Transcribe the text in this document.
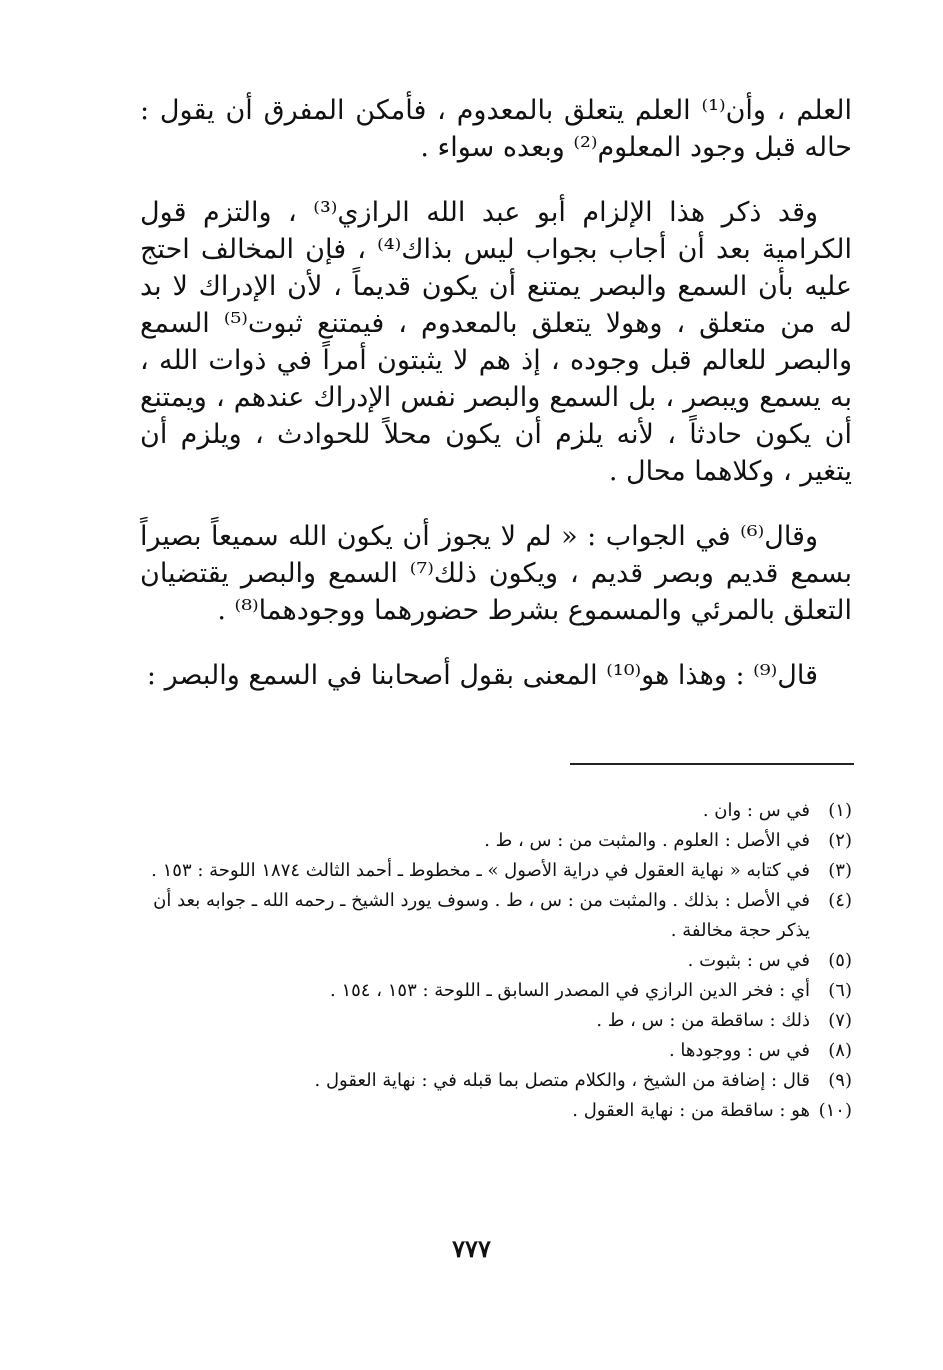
العلم ، وأن⁽¹⁾ العلم يتعلق بالمعدوم ، فأمكن المفرق أن يقول : حاله قبل وجود المعلوم⁽²⁾ وبعده سواء .

وقد ذكر هذا الإلزام أبو عبد الله الرازي⁽³⁾ ، والتزم قول الكرامية بعد أن أجاب بجواب ليس بذاك⁽⁴⁾ ، فإن المخالف احتج عليه بأن السمع والبصر يمتنع أن يكون قديماً ، لأن الإدراك لا بد له من متعلق ، وهولا يتعلق بالمعدوم ، فيمتنع ثبوت⁽⁵⁾ السمع والبصر للعالم قبل وجوده ، إذ هم لا يثبتون أمراً في ذوات الله ، به يسمع ويبصر ، بل السمع والبصر نفس الإدراك عندهم ، ويمتنع أن يكون حادثاً ، لأنه يلزم أن يكون محلاً للحوادث ، ويلزم أن يتغير ، وكلاهما محال .

وقال⁽⁶⁾ في الجواب : « لم لا يجوز أن يكون الله سميعاً بصيراً بسمع قديم وبصر قديم ، ويكون ذلك⁽⁷⁾ السمع والبصر يقتضيان التعلق بالمرئي والمسموع بشرط حضورهما ووجودهما⁽⁸⁾ .

قال⁽⁹⁾ : وهذا هو⁽¹⁰⁾ المعنى بقول أصحابنا في السمع والبصر :

(١)
في س : وان .
(٢)
في الأصل : العلوم . والمثبت من : س ، ط .
(٣)
في كتابه « نهاية العقول في دراية الأصول » ـ مخطوط ـ أحمد الثالث ١٨٧٤ اللوحة : ١٥٣ .
(٤)
في الأصل : بذلك . والمثبت من : س ، ط . وسوف يورد الشيخ ـ رحمه الله ـ جوابه بعد أن يذكر حجة مخالفة .
(٥)
في س : بثبوت .
(٦)
أي : فخر الدين الرازي في المصدر السابق ـ اللوحة : ١٥٣ ، ١٥٤ .
(٧)
ذلك : ساقطة من : س ، ط .
(٨)
في س : ووجودها .
(٩)
قال : إضافة من الشيخ ، والكلام متصل بما قبله في : نهاية العقول .
(١٠)
هو : ساقطة من : نهاية العقول .
٧٧٧
